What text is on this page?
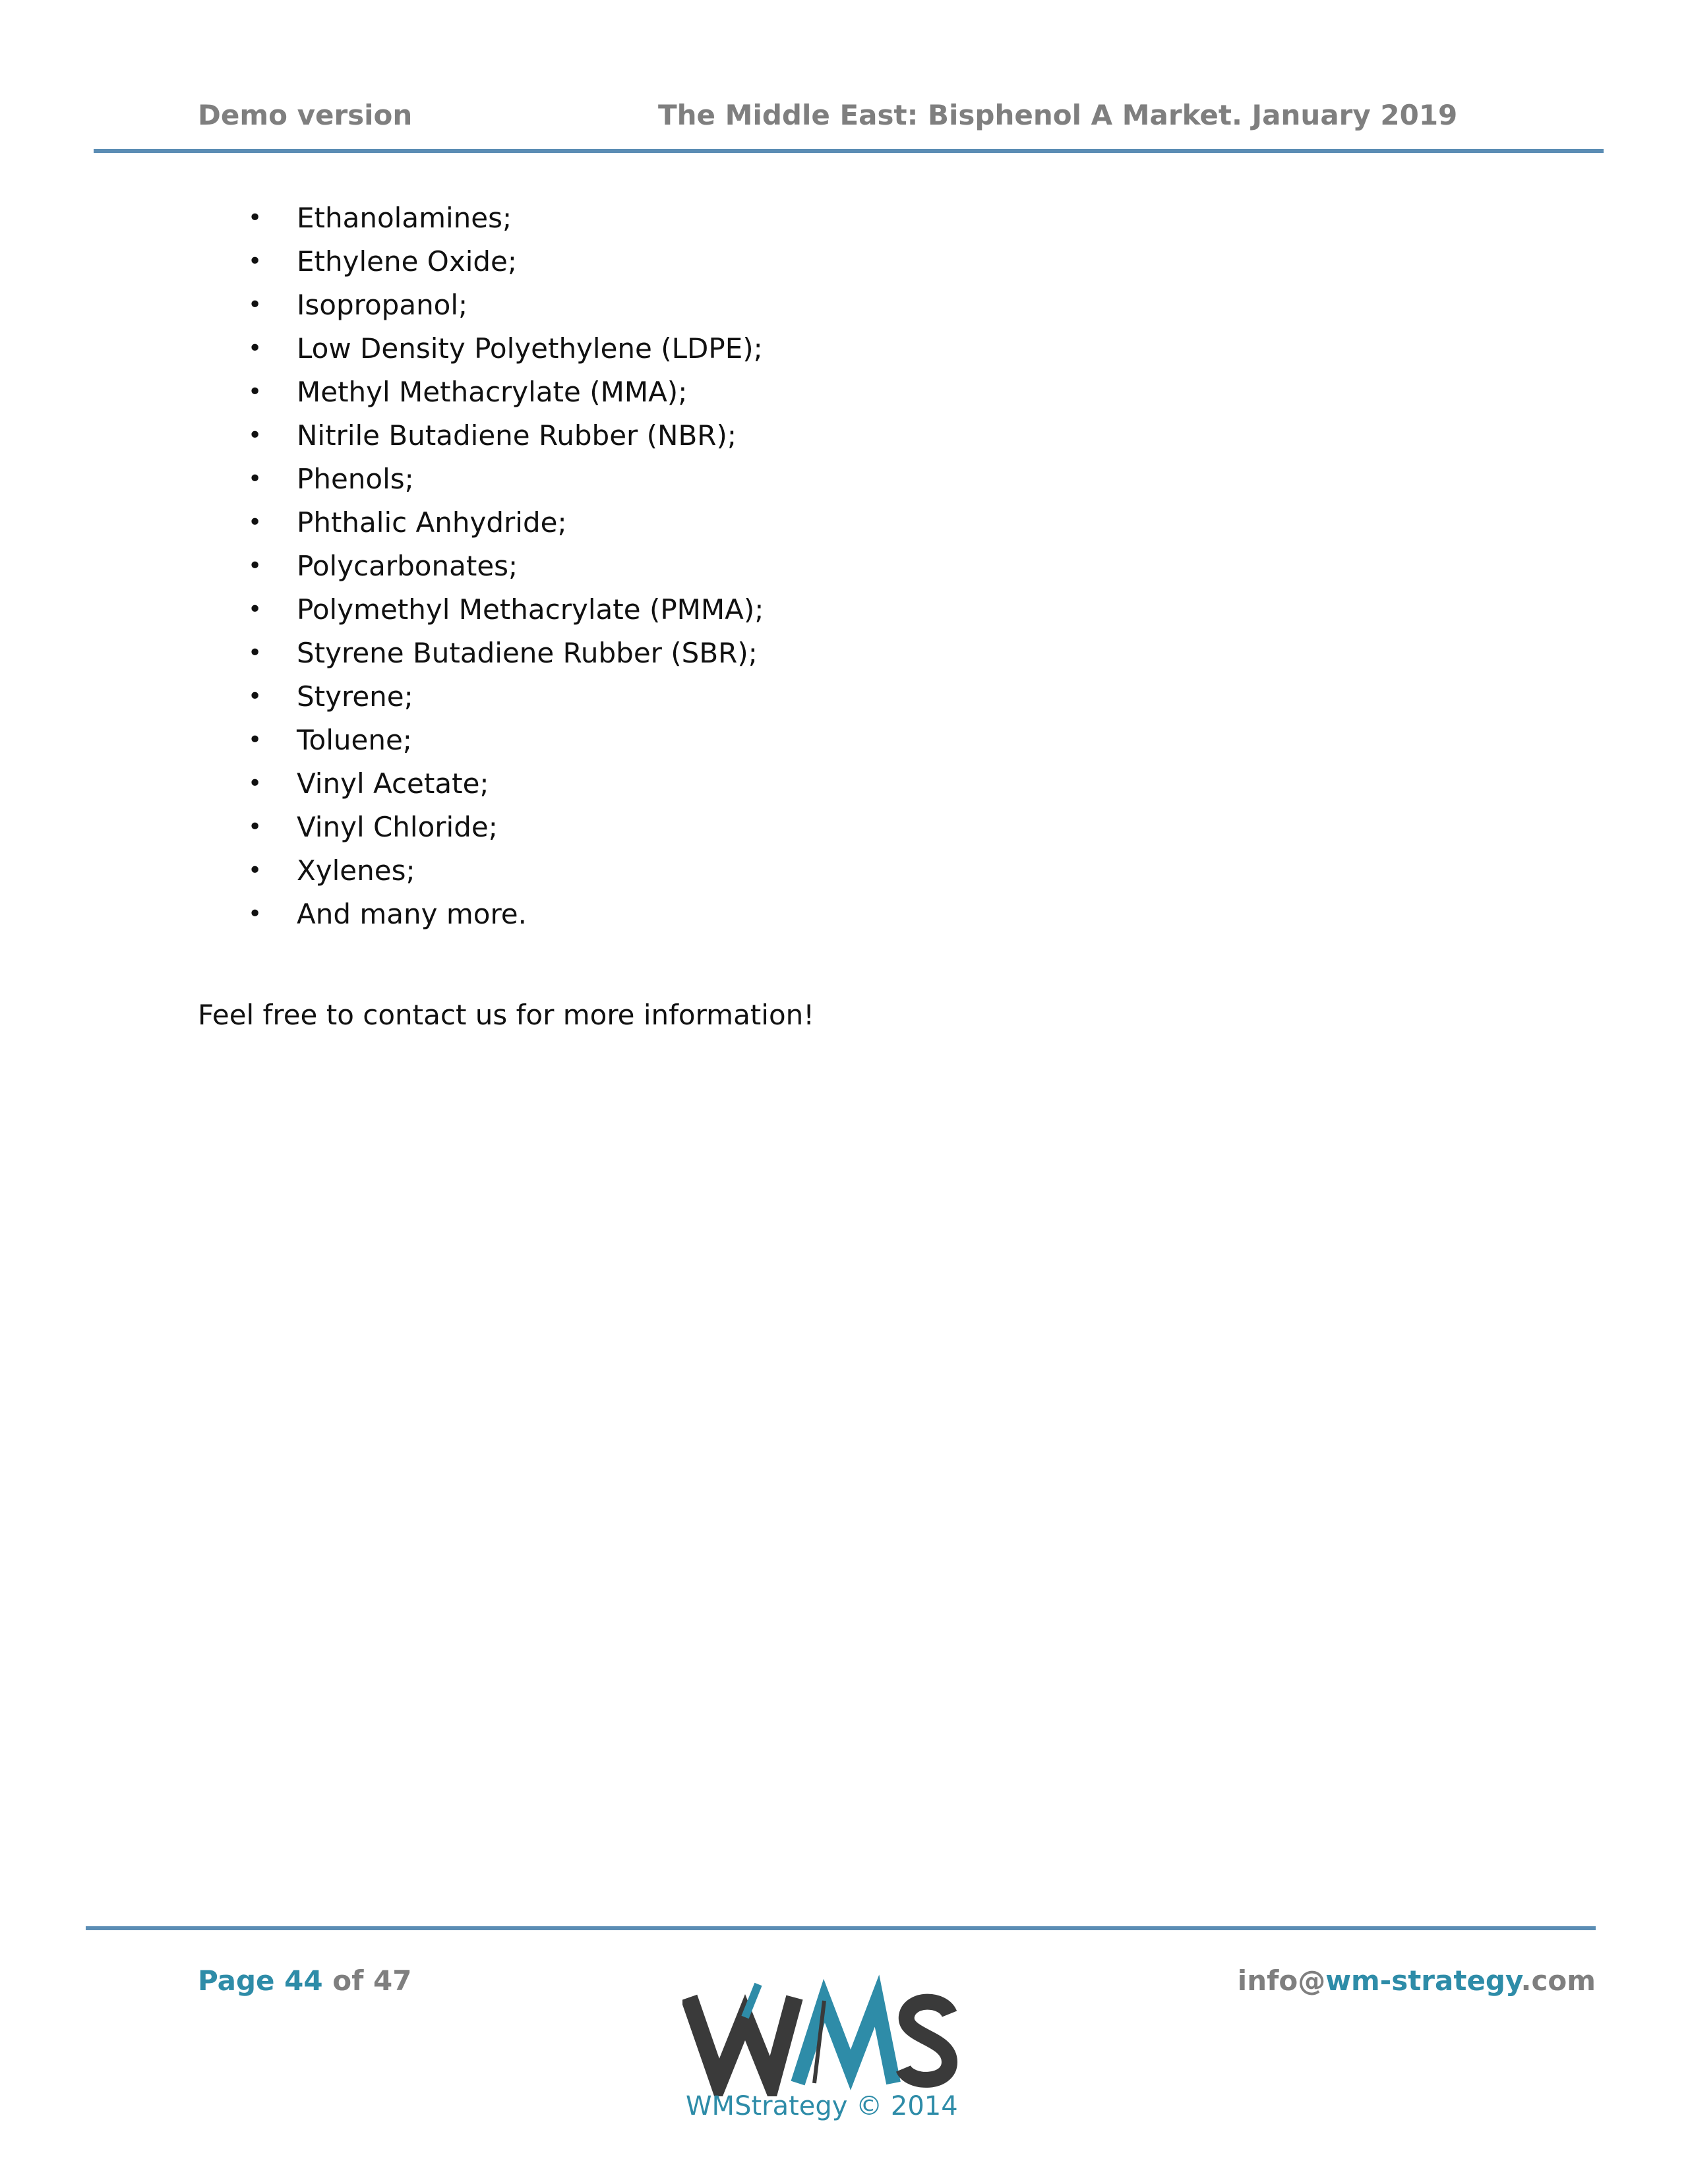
Demo version	The Middle East: Bisphenol A Market. January 2019
• Ethanolamines;
• Ethylene Oxide;
• Isopropanol;
• Low Density Polyethylene (LDPE);
• Methyl Methacrylate (MMA);
• Nitrile Butadiene Rubber (NBR);
• Phenols;
• Phthalic Anhydride;
• Polycarbonates;
• Polymethyl Methacrylate (PMMA);
• Styrene Butadiene Rubber (SBR);
• Styrene;
• Toluene;
• Vinyl Acetate;
• Vinyl Chloride;
• Xylenes;
• And many more.
Feel free to contact us for more information!
Page 44 of 47	info@wm-strategy.com
WMStrategy © 2014
